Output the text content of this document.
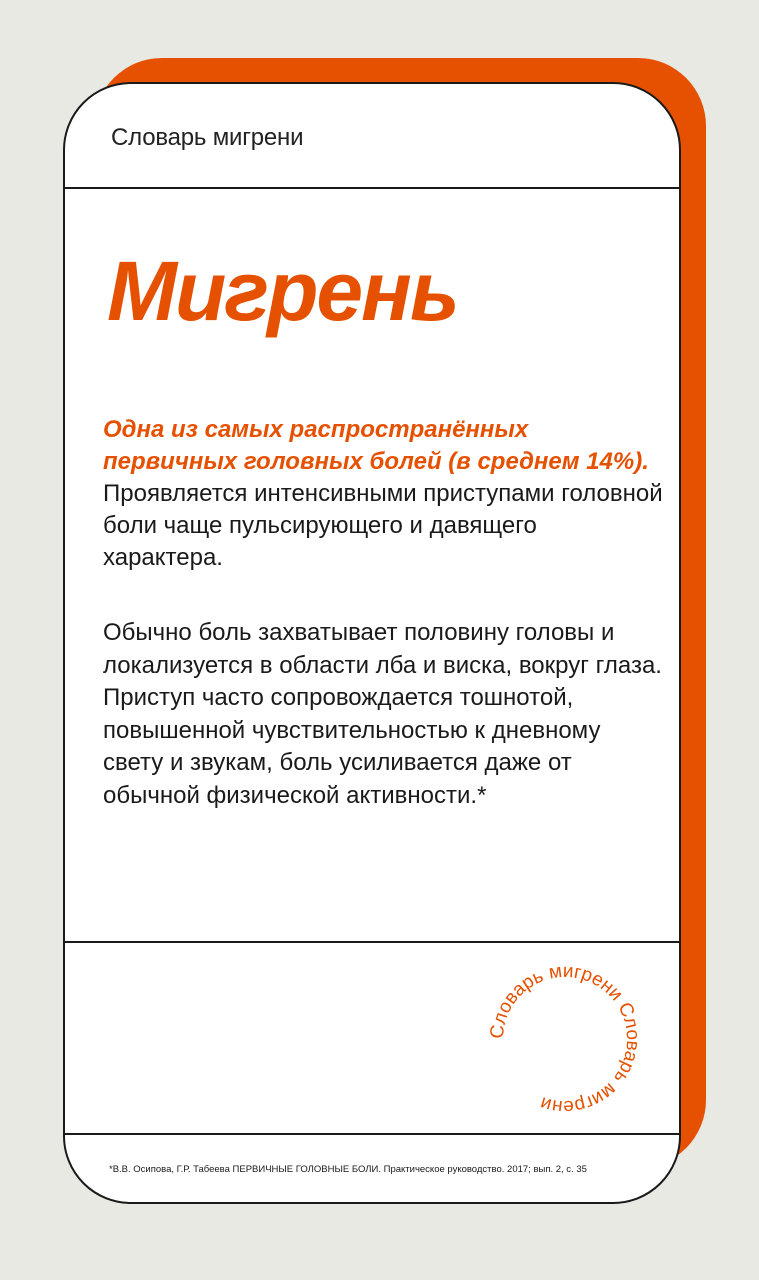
Словарь мигрени
Мигрень

Одна из самых распространённых первичных головных болей (в среднем 14%). Проявляется интенсивными приступами головной боли чаще пульсирующего и давящего характера.

Обычно боль захватывает половину головы и локализуется в области лба и виска, вокруг глаза. Приступ часто сопровождается тошнотой, повышенной чувствительностью к дневному свету и звукам, боль усиливается даже от обычной физической активности.*

Словарь мигрени Словарь мигрени
*В.В. Осипова, Г.Р. Табеева ПЕРВИЧНЫЕ ГОЛОВНЫЕ БОЛИ. Практическое руководство. 2017; вып. 2, с. 35
